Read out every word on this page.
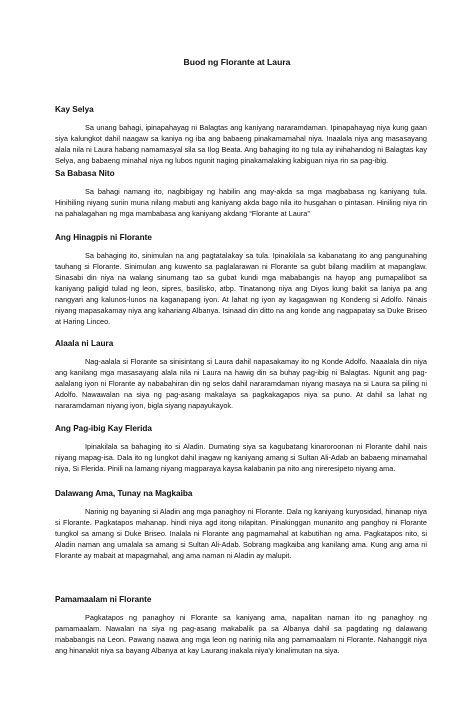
Buod ng Florante at Laura

Kay Selya

Sa unang bahagi, ipinapahayag ni Balagtas ang kaniyang nararamdaman. Ipinapahayag niya kung gaan siya kalungkot dahil naagaw sa kaniya ng iba ang babaeng pinakamamahal niya. Inaalala niya ang masasayang alala nila ni Laura habang namamasyal sila sa Ilog Beata. Ang bahaging ito ng tula ay inihahandog ni Balagtas kay Selya, ang babaeng minahal niya ng lubos ngunit naging pinakamalaking kabiguan niya rin sa pag-ibig.

Sa Babasa Nito

Sa bahagi namang ito, nagbibigay ng habilin ang may-akda sa mga magbabasa ng kaniyang tula. Hinihiling niyang suriin muna nilang mabuti ang kaniyang akda bago nila ito husgahan o pintasan. Hiniling niya rin na pahalagahan ng mga mambabasa ang kaniyang akdang “Florante at Laura”

Ang Hinagpis ni Florante

Sa bahaging ito, sinimulan na ang pagtatalakay sa tula. Ipinakilala sa kabanatang ito ang pangunahing tauhang si Florante. Sinimulan ang kuwento sa paglalarawan ni Florante sa gubt bilang madilim at mapanglaw. Sinasabi din niya na walang sinumang tao sa gubat kundi mga mababangis na hayop ang pumapalibot sa kaniyang paligid tulad ng leon, sipres, basilisko, atbp. Tinatanong niya ang Diyos kung bakit sa laniya pa ang nangyari ang kalunos-lunos na kaganapang iyon. At lahat ng iyon ay kagagawan ng Kondeng si Adolfo. Ninais niyang mapasakamay niya ang kahariang Albanya. Isinaad din ditto na ang konde ang nagpapatay sa Duke Briseo at Haring Linceo.

Alaala ni Laura

Nag-aalala si Florante sa sinisintang si Laura dahil napasakamay ito ng Konde Adolfo. Naaalala din niya ang kanilang mga masasayang alala nila ni Laura na hawig din sa buhay pag-ibig ni Balagtas. Ngunit ang pag-aalalang iyon ni Florante ay nababahiran din ng selos dahil nararamdaman niyang masaya na si Laura sa piling ni Adolfo. Nawawalan na siya ng pag-asang makalaya sa pagkakagapos niya sa puno. At dahil sa lahat ng nararamdaman niyang iyon, bigla siyang napayukayok.

Ang Pag-ibig Kay Flerida

Ipinakilala sa bahaging ito si Aladin. Dumating siya sa kagubatang kinaroroonan ni Florante dahil nais niyang mapag-isa. Dala ito ng lungkot dahil inagaw ng kaniyang amang si Sultan Ali-Adab an babaeng minamahal niya, Si Flerida. Pinili na lamang niyang magparaya kaysa kalabanin pa nito ang nireresipeto niyang ama.

Dalawang Ama, Tunay na Magkaiba

Narinig ng bayaning si Aladin ang mga panaghoy ni Florante. Dala ng kaniyang kuryosidad, hinanap niya si Florante. Pagkatapos mahanap. hindi niya agd itong nilapitan. Pinakinggan munanito ang panghoy ni Florante tungkol sa amang si Duke Briseo. Inalala ni Florante ang pagmamahal at kabutihan ng ama. Pagkatapos nito, si Aladin naman ang umalala sa amang si Sultan Ali-Adab. Sobrang magkaiba ang kanilang ama. Kung ang ama ni Florante ay mabait at mapagmahal, ang ama naman ni Aladin ay malupit.

Pamamaalam ni Florante

Pagkatapos ng panaghoy ni Florante sa kaniyang ama, napalitan naman ito ng panaghoy ng pamamaalam. Nawalan na siya ng pag-asang makabalik pa sa Albanya dahil sa pagdating ng dalawang mababangis na Leon. Pawang naawa ang mga leon ng narinig nila ang pamamaalam ni Florante. Nahanggit niya ang hinanakit niya sa bayang Albanya at kay Laurang inakala niya'y kinalimutan na siya.
